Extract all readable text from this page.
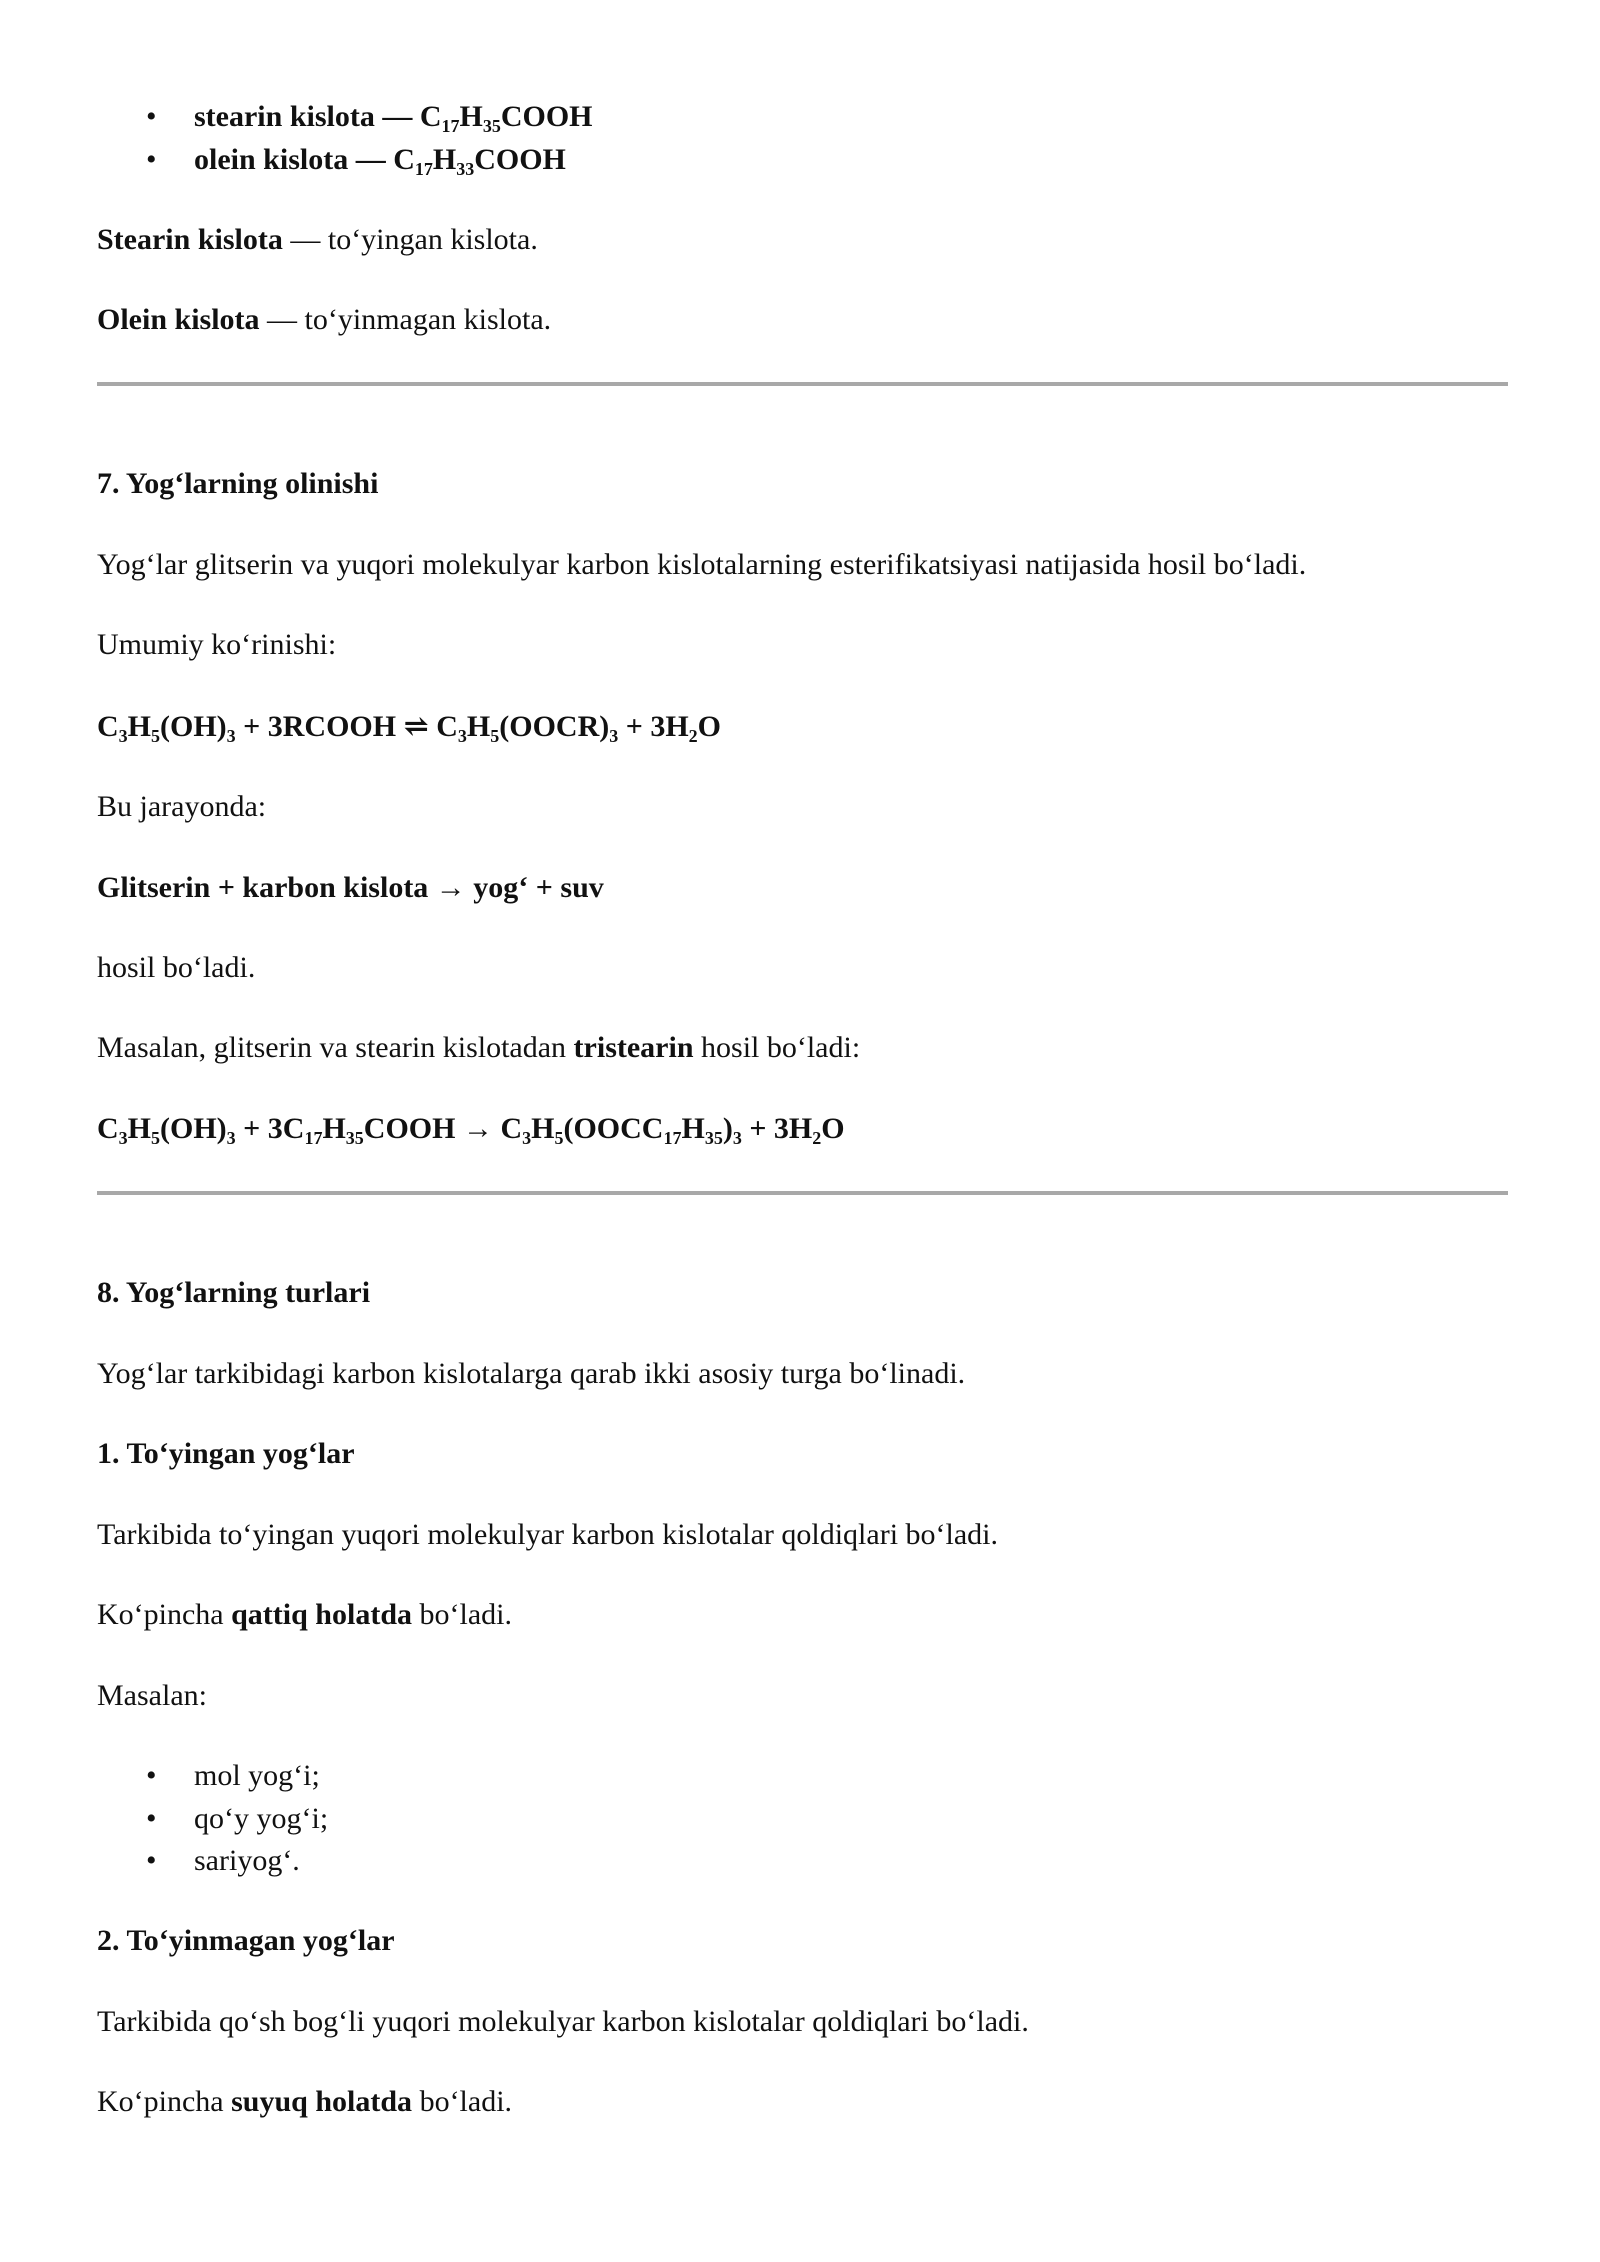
• stearin kislota — $C_{17}H_{35}COOH$
• olein kislota — $C_{17}H_{33}COOH$
Stearin kislota — to‘yingan kislota.
Olein kislota — to‘yinmagan kislota.
7. Yog‘larning olinishi
Yog‘lar glitserin va yuqori molekulyar karbon kislotalarning esterifikatsiyasi natijasida hosil bo‘ladi.
Umumiy ko‘rinishi:
$C_3H_5(OH)_3$ + 3RCOOH ⇌ $C_3H_5(OOCR)_3 + 3H_2O$
Bu jarayonda:
Glitserin + karbon kislota → yog‘ + suv
hosil bo‘ladi.
Masalan, glitserin va stearin kislotadan tristearin hosil bo‘ladi:
$C_3H_5(OH)_3$ + $3C_{17}H_{35}COOH$ → $C_3H_5(OOCC_{17}H_{35})_3 + 3H_2O$
8. Yog‘larning turlari
Yog‘lar tarkibidagi karbon kislotalarga qarab ikki asosiy turga bo‘linadi.
1. To‘yingan yog‘lar
Tarkibida to‘yingan yuqori molekulyar karbon kislotalar qoldiqlari bo‘ladi.
Ko‘pincha qattiq holatda bo‘ladi.
Masalan:
• mol yog‘i;
• qo‘y yog‘i;
• sariyog‘.
2. To‘yinmagan yog‘lar
Tarkibida qo‘sh bog‘li yuqori molekulyar karbon kislotalar qoldiqlari bo‘ladi.
Ko‘pincha suyuq holatda bo‘ladi.
